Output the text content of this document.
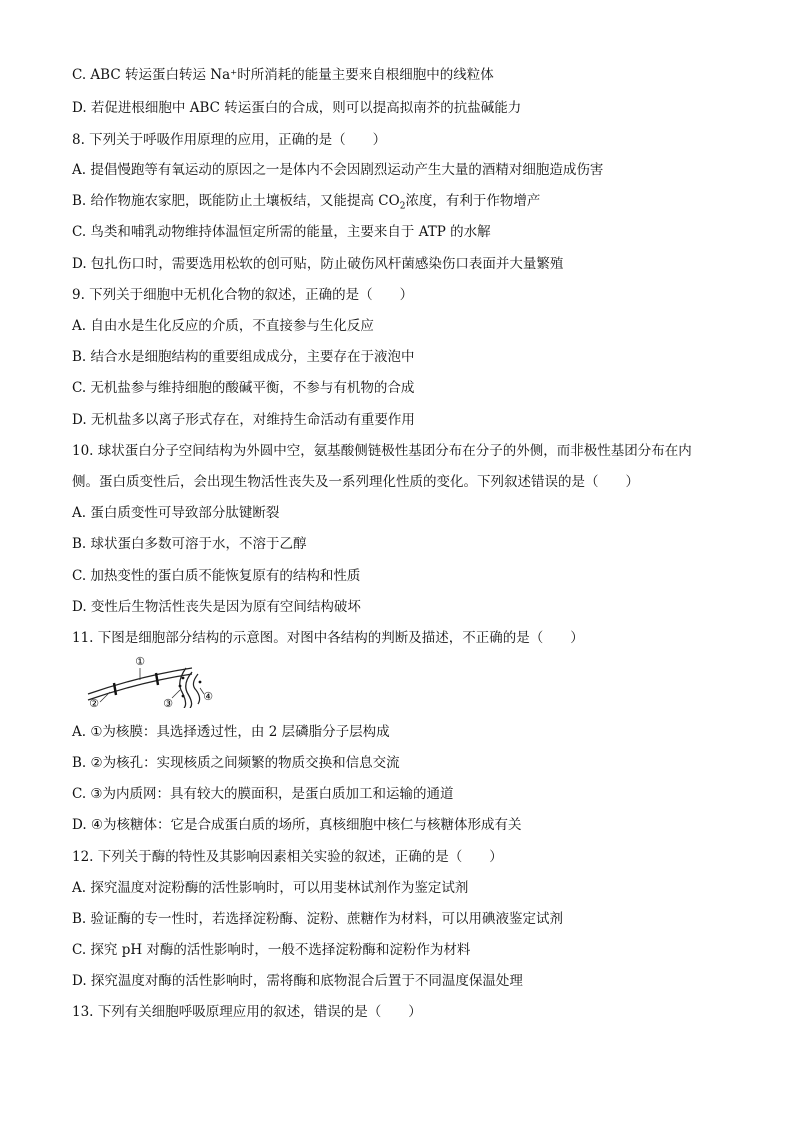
C. ABC 转运蛋白转运 Na⁺时所消耗的能量主要来自根细胞中的线粒体
D. 若促进根细胞中 ABC 转运蛋白的合成，则可以提高拟南芥的抗盐碱能力
8. 下列关于呼吸作用原理的应用，正确的是（　　）
A. 提倡慢跑等有氧运动的原因之一是体内不会因剧烈运动产生大量的酒精对细胞造成伤害
B. 给作物施农家肥，既能防止土壤板结，又能提高 $CO_2$浓度，有利于作物增产
C. 鸟类和哺乳动物维持体温恒定所需的能量，主要来自于 ATP 的水解
D. 包扎伤口时，需要选用松软的创可贴，防止破伤风杆菌感染伤口表面并大量繁殖
9. 下列关于细胞中无机化合物的叙述，正确的是（　　）
A. 自由水是生化反应的介质，不直接参与生化反应
B. 结合水是细胞结构的重要组成成分，主要存在于液泡中
C. 无机盐参与维持细胞的酸碱平衡，不参与有机物的合成
D. 无机盐多以离子形式存在，对维持生命活动有重要作用
10. 球状蛋白分子空间结构为外圆中空，氨基酸侧链极性基团分布在分子的外侧，而非极性基团分布在内
侧。蛋白质变性后，会出现生物活性丧失及一系列理化性质的变化。下列叙述错误的是（　　）
A. 蛋白质变性可导致部分肽键断裂
B. 球状蛋白多数可溶于水，不溶于乙醇
C. 加热变性的蛋白质不能恢复原有的结构和性质
D. 变性后生物活性丧失是因为原有空间结构破坏
11. 下图是细胞部分结构的示意图。对图中各结构的判断及描述，不正确的是（　　）
①
②	③
④
A. ①为核膜：具选择透过性，由 2 层磷脂分子层构成
B. ②为核孔：实现核质之间频繁的物质交换和信息交流
C. ③为内质网：具有较大的膜面积，是蛋白质加工和运输的通道
D. ④为核糖体：它是合成蛋白质的场所，真核细胞中核仁与核糖体形成有关
12. 下列关于酶的特性及其影响因素相关实验的叙述，正确的是（　　）
A. 探究温度对淀粉酶的活性影响时，可以用斐林试剂作为鉴定试剂
B. 验证酶的专一性时，若选择淀粉酶、淀粉、蔗糖作为材料，可以用碘液鉴定试剂
C. 探究 pH 对酶的活性影响时，一般不选择淀粉酶和淀粉作为材料
D. 探究温度对酶的活性影响时，需将酶和底物混合后置于不同温度保温处理
13. 下列有关细胞呼吸原理应用的叙述，错误的是（　　）
